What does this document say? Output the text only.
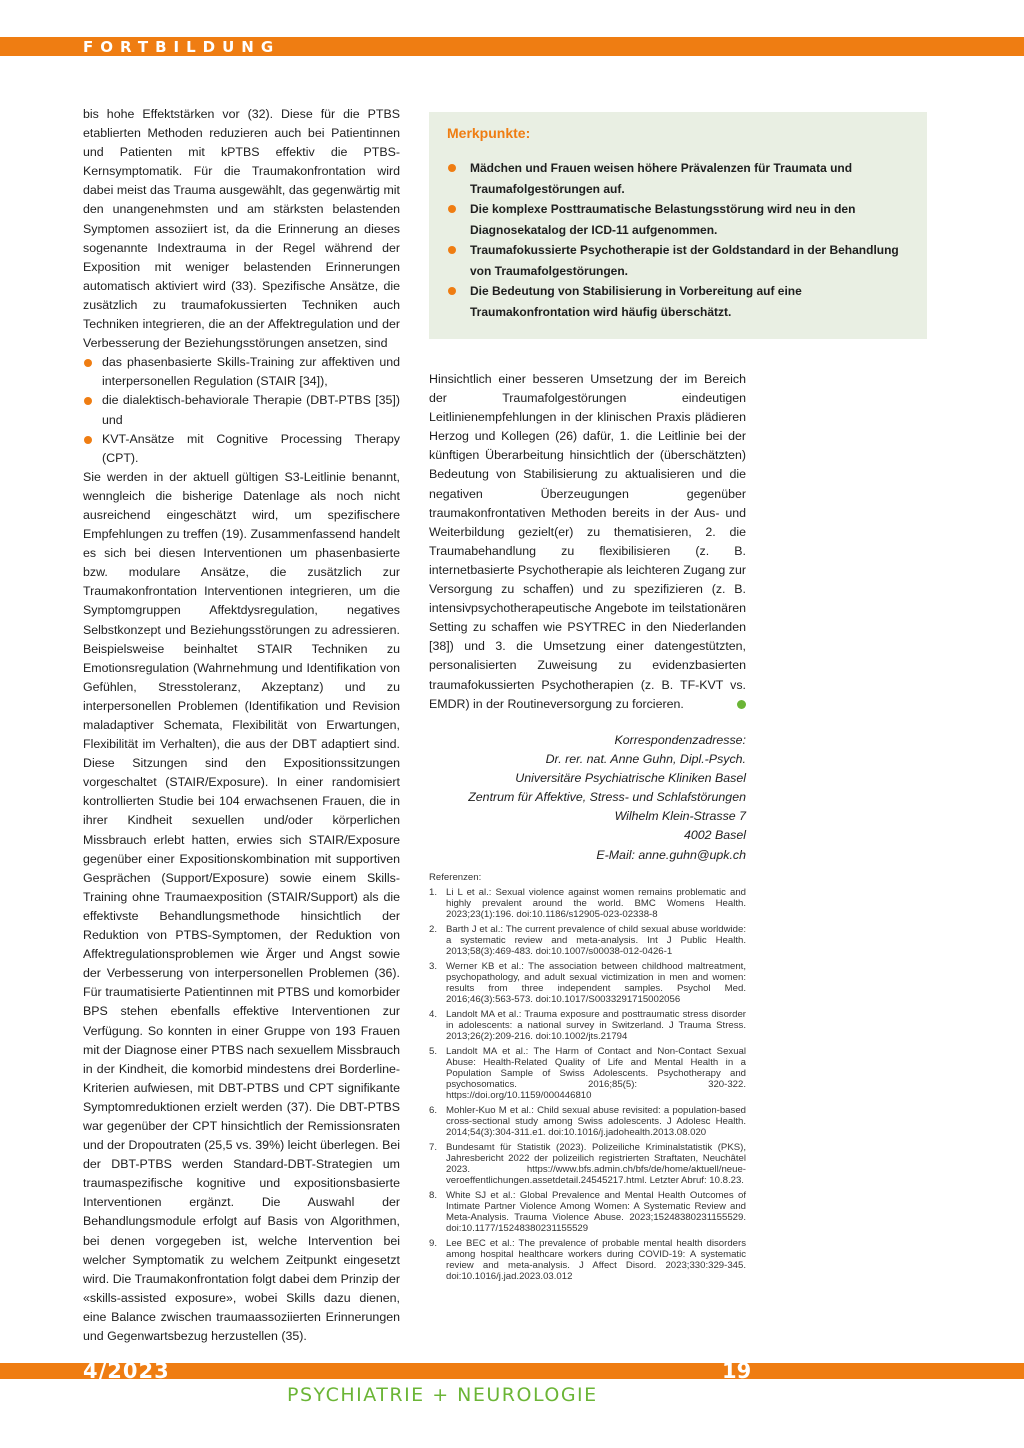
FORTBILDUNG

bis hohe Effektstärken vor (32). Diese für die PTBS etablierten Methoden reduzieren auch bei Patientinnen und Patienten mit kPTBS effektiv die PTBS-Kernsymptomatik. Für die Traumakonfrontation wird dabei meist das Trauma ausgewählt, das gegenwärtig mit den unangenehmsten und am stärksten belastenden Symptomen assoziiert ist, da die Erinnerung an dieses sogenannte Indextrauma in der Regel während der Exposition mit weniger belastenden Erinnerungen automatisch aktiviert wird (33). Spezifische Ansätze, die zusätzlich zu traumafokussierten Techniken auch Techniken integrieren, die an der Affektregulation und der Verbesserung der Beziehungsstörungen ansetzen, sind

das phasenbasierte Skills-Training zur affektiven und interpersonellen Regulation (STAIR [34]),
die dialektisch-behaviorale Therapie (DBT-PTBS [35]) und
KVT-Ansätze mit Cognitive Processing Therapy (CPT).

Sie werden in der aktuell gültigen S3-Leitlinie benannt, wenngleich die bisherige Datenlage als noch nicht ausreichend eingeschätzt wird, um spezifischere Empfehlungen zu treffen (19). Zusammenfassend handelt es sich bei diesen Interventionen um phasenbasierte bzw. modulare Ansätze, die zusätzlich zur Traumakonfrontation Interventionen integrieren, um die Symptomgruppen Affektdysregulation, negatives Selbstkonzept und Beziehungsstörungen zu adressieren. Beispielsweise beinhaltet STAIR Techniken zu Emotionsregulation (Wahrnehmung und Identifikation von Gefühlen, Stresstoleranz, Akzeptanz) und zu interpersonellen Problemen (Identifikation und Revision maladaptiver Schemata, Flexibilität von Erwartungen, Flexibilität im Verhalten), die aus der DBT adaptiert sind. Diese Sitzungen sind den Expositionssitzungen vorgeschaltet (STAIR/Exposure). In einer randomisiert kontrollierten Studie bei 104 erwachsenen Frauen, die in ihrer Kindheit sexuellen und/oder körperlichen Missbrauch erlebt hatten, erwies sich STAIR/Exposure gegenüber einer Expositionskombination mit supportiven Gesprächen (Support/Exposure) sowie einem Skills-Training ohne Traumaexposition (STAIR/Support) als die effektivste Behandlungsmethode hinsichtlich der Reduktion von PTBS-Symptomen, der Reduktion von Affektregulationsproblemen wie Ärger und Angst sowie der Verbesserung von interpersonellen Problemen (36). Für traumatisierte Patientinnen mit PTBS und komorbider BPS stehen ebenfalls effektive Interventionen zur Verfügung. So konnten in einer Gruppe von 193 Frauen mit der Diagnose einer PTBS nach sexuellem Missbrauch in der Kindheit, die komorbid mindestens drei Borderline-Kriterien aufwiesen, mit DBT-PTBS und CPT signifikante Symptomreduktionen erzielt werden (37). Die DBT-PTBS war gegenüber der CPT hinsichtlich der Remissionsraten und der Dropoutraten (25,5 vs. 39%) leicht überlegen. Bei der DBT-PTBS werden Standard-DBT-Strategien um traumaspezifische kognitive und expositionsbasierte Interventionen ergänzt. Die Auswahl der Behandlungsmodule erfolgt auf Basis von Algorithmen, bei denen vorgegeben ist, welche Intervention bei welcher Symptomatik zu welchem Zeitpunkt eingesetzt wird. Die Traumakonfrontation folgt dabei dem Prinzip der «skills-assisted exposure», wobei Skills dazu dienen, eine Balance zwischen traumaassoziierten Erinnerungen und Gegenwartsbezug herzustellen (35).

Merkpunkte:
Mädchen und Frauen weisen höhere Prävalenzen für Traumata und Traumafolgestörungen auf.
Die komplexe Posttraumatische Belastungsstörung wird neu in den Diagnosekatalog der ICD-11 aufgenommen.
Traumafokussierte Psychotherapie ist der Goldstandard in der Behandlung von Traumafolgestörungen.
Die Bedeutung von Stabilisierung in Vorbereitung auf eine Traumakonfrontation wird häufig überschätzt.

Hinsichtlich einer besseren Umsetzung der im Bereich der Traumafolgestörungen eindeutigen Leitlinienempfehlungen in der klinischen Praxis plädieren Herzog und Kollegen (26) dafür, 1. die Leitlinie bei der künftigen Überarbeitung hinsichtlich der (überschätzten) Bedeutung von Stabilisierung zu aktualisieren und die negativen Überzeugungen gegenüber traumakonfrontativen Methoden bereits in der Aus- und Weiterbildung gezielt(er) zu thematisieren, 2. die Traumabehandlung zu flexibilisieren (z. B. internetbasierte Psychotherapie als leichteren Zugang zur Versorgung zu schaffen) und zu spezifizieren (z. B. intensivpsychotherapeutische Angebote im teilstationären Setting zu schaffen wie PSYTREC in den Niederlanden [38]) und 3. die Umsetzung einer datengestützten, personalisierten Zuweisung zu evidenzbasierten traumafokussierten Psychotherapien (z. B. TF-KVT vs. EMDR) in der Routineversorgung zu forcieren.

Korrespondenzadresse:
Dr. rer. nat. Anne Guhn, Dipl.-Psych.
Universitäre Psychiatrische Kliniken Basel
Zentrum für Affektive, Stress- und Schlafstörungen
Wilhelm Klein-Strasse 7
4002 Basel
E-Mail: anne.guhn@upk.ch
Referenzen:
1. Li L et al.: Sexual violence against women remains problematic and highly prevalent around the world. BMC Womens Health. 2023;23(1):196. doi:10.1186/s12905-023-02338-8
2. Barth J et al.: The current prevalence of child sexual abuse worldwide: a systematic review and meta-analysis. Int J Public Health. 2013;58(3):469-483. doi:10.1007/s00038-012-0426-1
3. Werner KB et al.: The association between childhood maltreatment, psychopathology, and adult sexual victimization in men and women: results from three independent samples. Psychol Med. 2016;46(3):563-573. doi:10.1017/S0033291715002056
4. Landolt MA et al.: Trauma exposure and posttraumatic stress disorder in adolescents: a national survey in Switzerland. J Trauma Stress. 2013;26(2):209-216. doi:10.1002/jts.21794
5. Landolt MA et al.: The Harm of Contact and Non-Contact Sexual Abuse: Health-Related Quality of Life and Mental Health in a Population Sample of Swiss Adolescents. Psychotherapy and psychosomatics. 2016;85(5): 320-322. https://doi.org/10.1159/000446810
6. Mohler-Kuo M et al.: Child sexual abuse revisited: a population-based cross-sectional study among Swiss adolescents. J Adolesc Health. 2014;54(3):304-311.e1. doi:10.1016/j.jadohealth.2013.08.020
7. Bundesamt für Statistik (2023). Polizeiliche Kriminalstatistik (PKS), Jahresbericht 2022 der polizeilich registrierten Straftaten, Neuchâtel 2023. https://www.bfs.admin.ch/bfs/de/home/aktuell/neue-veroeffentlichungen.assetdetail.24545217.html. Letzter Abruf: 10.8.23.
8. White SJ et al.: Global Prevalence and Mental Health Outcomes of Intimate Partner Violence Among Women: A Systematic Review and Meta-Analysis. Trauma Violence Abuse. 2023;15248380231155529. doi:10.1177/15248380231155529
9. Lee BEC et al.: The prevalence of probable mental health disorders among hospital healthcare workers during COVID-19: A systematic review and meta-analysis. J Affect Disord. 2023;330:329-345. doi:10.1016/j.jad.2023.03.012
4/2023	19
PSYCHIATRIE + NEUROLOGIE
